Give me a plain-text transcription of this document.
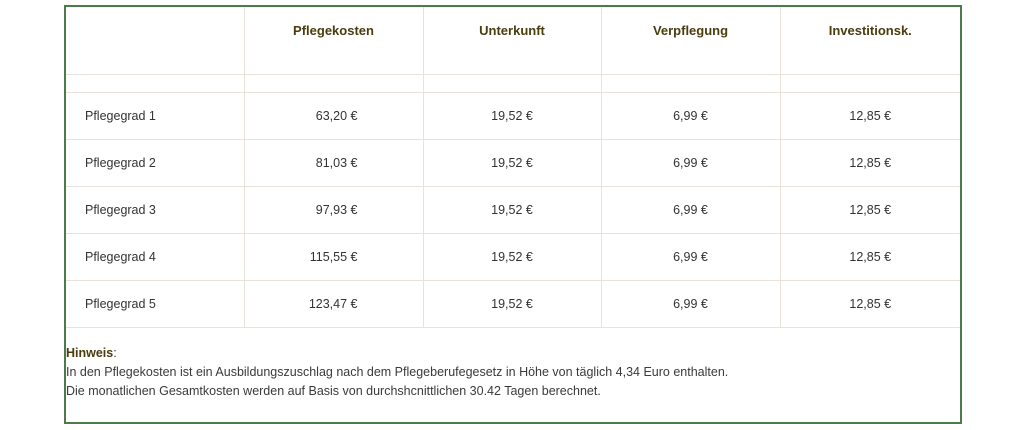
	Pflegekosten	Unterkunft	Verpflegung	Investitionsk.

Pflegegrad 1	63,20 €	19,52 €	6,99 €	12,85 €
Pflegegrad 2	81,03 €	19,52 €	6,99 €	12,85 €
Pflegegrad 3	97,93 €	19,52 €	6,99 €	12,85 €
Pflegegrad 4	115,55 €	19,52 €	6,99 €	12,85 €
Pflegegrad 5	123,47 €	19,52 €	6,99 €	12,85 €

Hinweis:

In den Pflegekosten ist ein Ausbildungszuschlag nach dem Pflegeberufegesetz in Höhe von täglich 4,34 Euro enthalten.

Die monatlichen Gesamtkosten werden auf Basis von durchshcnittlichen 30.42 Tagen berechnet.
